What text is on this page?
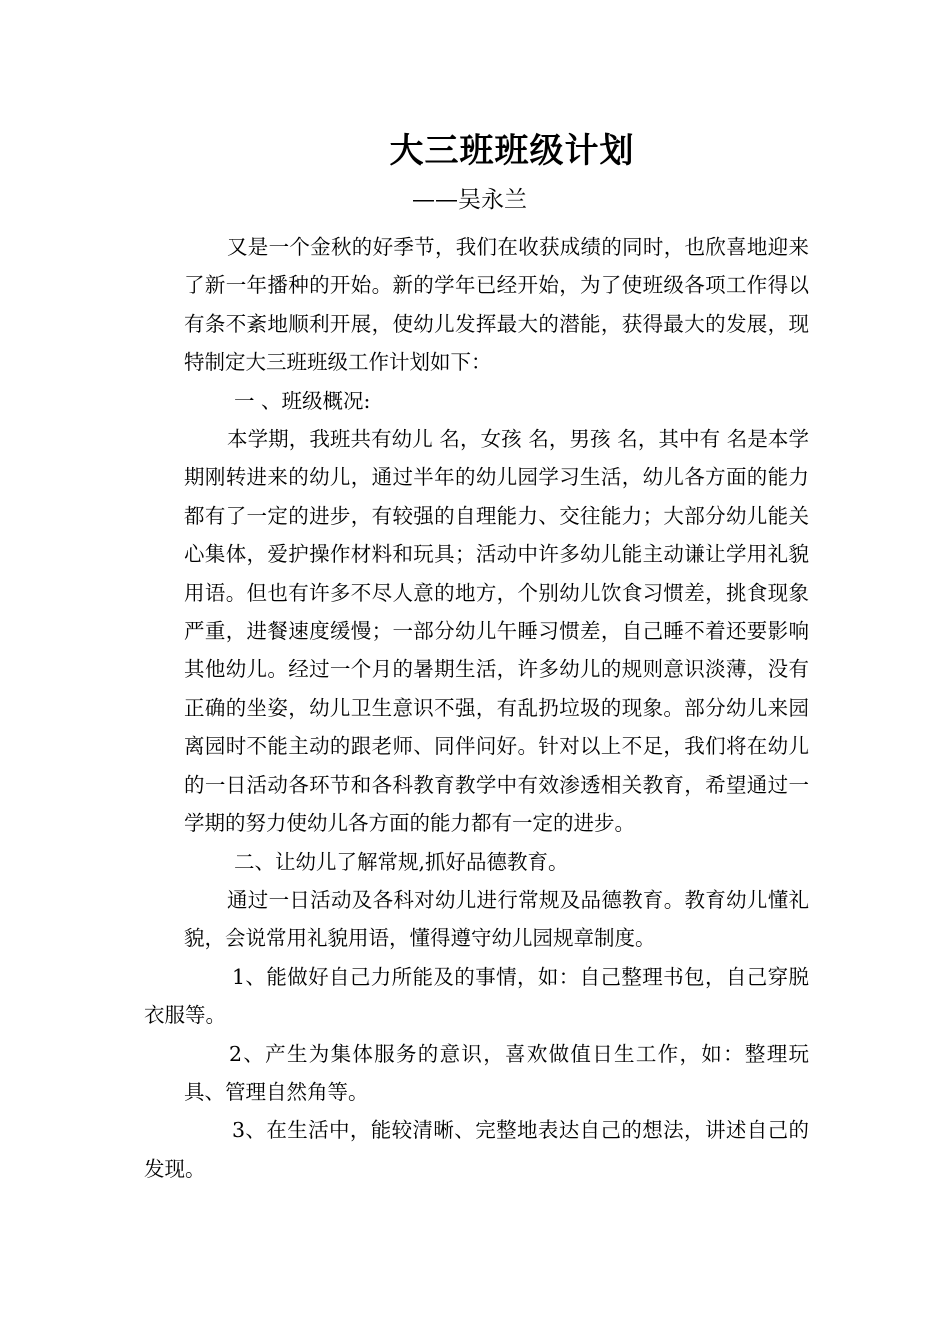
大三班班级计划
——吴永兰

又是一个金秋的好季节，我们在收获成绩的同时，也欣喜地迎来了新一年播种的开始。新的学年已经开始，为了使班级各项工作得以有条不紊地顺利开展，使幼儿发挥最大的潜能，获得最大的发展，现特制定大三班班级工作计划如下：

一 、班级概况:

本学期，我班共有幼儿 名，女孩 名，男孩 名，其中有 名是本学期刚转进来的幼儿，通过半年的幼儿园学习生活，幼儿各方面的能力都有了一定的进步，有较强的自理能力、交往能力；大部分幼儿能关心集体，爱护操作材料和玩具；活动中许多幼儿能主动谦让学用礼貌用语。但也有许多不尽人意的地方，个别幼儿饮食习惯差，挑食现象严重，进餐速度缓慢；一部分幼儿午睡习惯差，自己睡不着还要影响其他幼儿。经过一个月的暑期生活，许多幼儿的规则意识淡薄，没有正确的坐姿，幼儿卫生意识不强，有乱扔垃圾的现象。部分幼儿来园离园时不能主动的跟老师、同伴问好。针对以上不足，我们将在幼儿的一日活动各环节和各科教育教学中有效渗透相关教育，希望通过一学期的努力使幼儿各方面的能力都有一定的进步。

二、让幼儿了解常规,抓好品德教育。

通过一日活动及各科对幼儿进行常规及品德教育。教育幼儿懂礼貌，会说常用礼貌用语，懂得遵守幼儿园规章制度。

1、能做好自己力所能及的事情，如：自己整理书包，自己穿脱衣服等。

2、产生为集体服务的意识，喜欢做值日生工作，如：整理玩具、管理自然角等。

3、在生活中，能较清晰、完整地表达自己的想法，讲述自己的发现。
